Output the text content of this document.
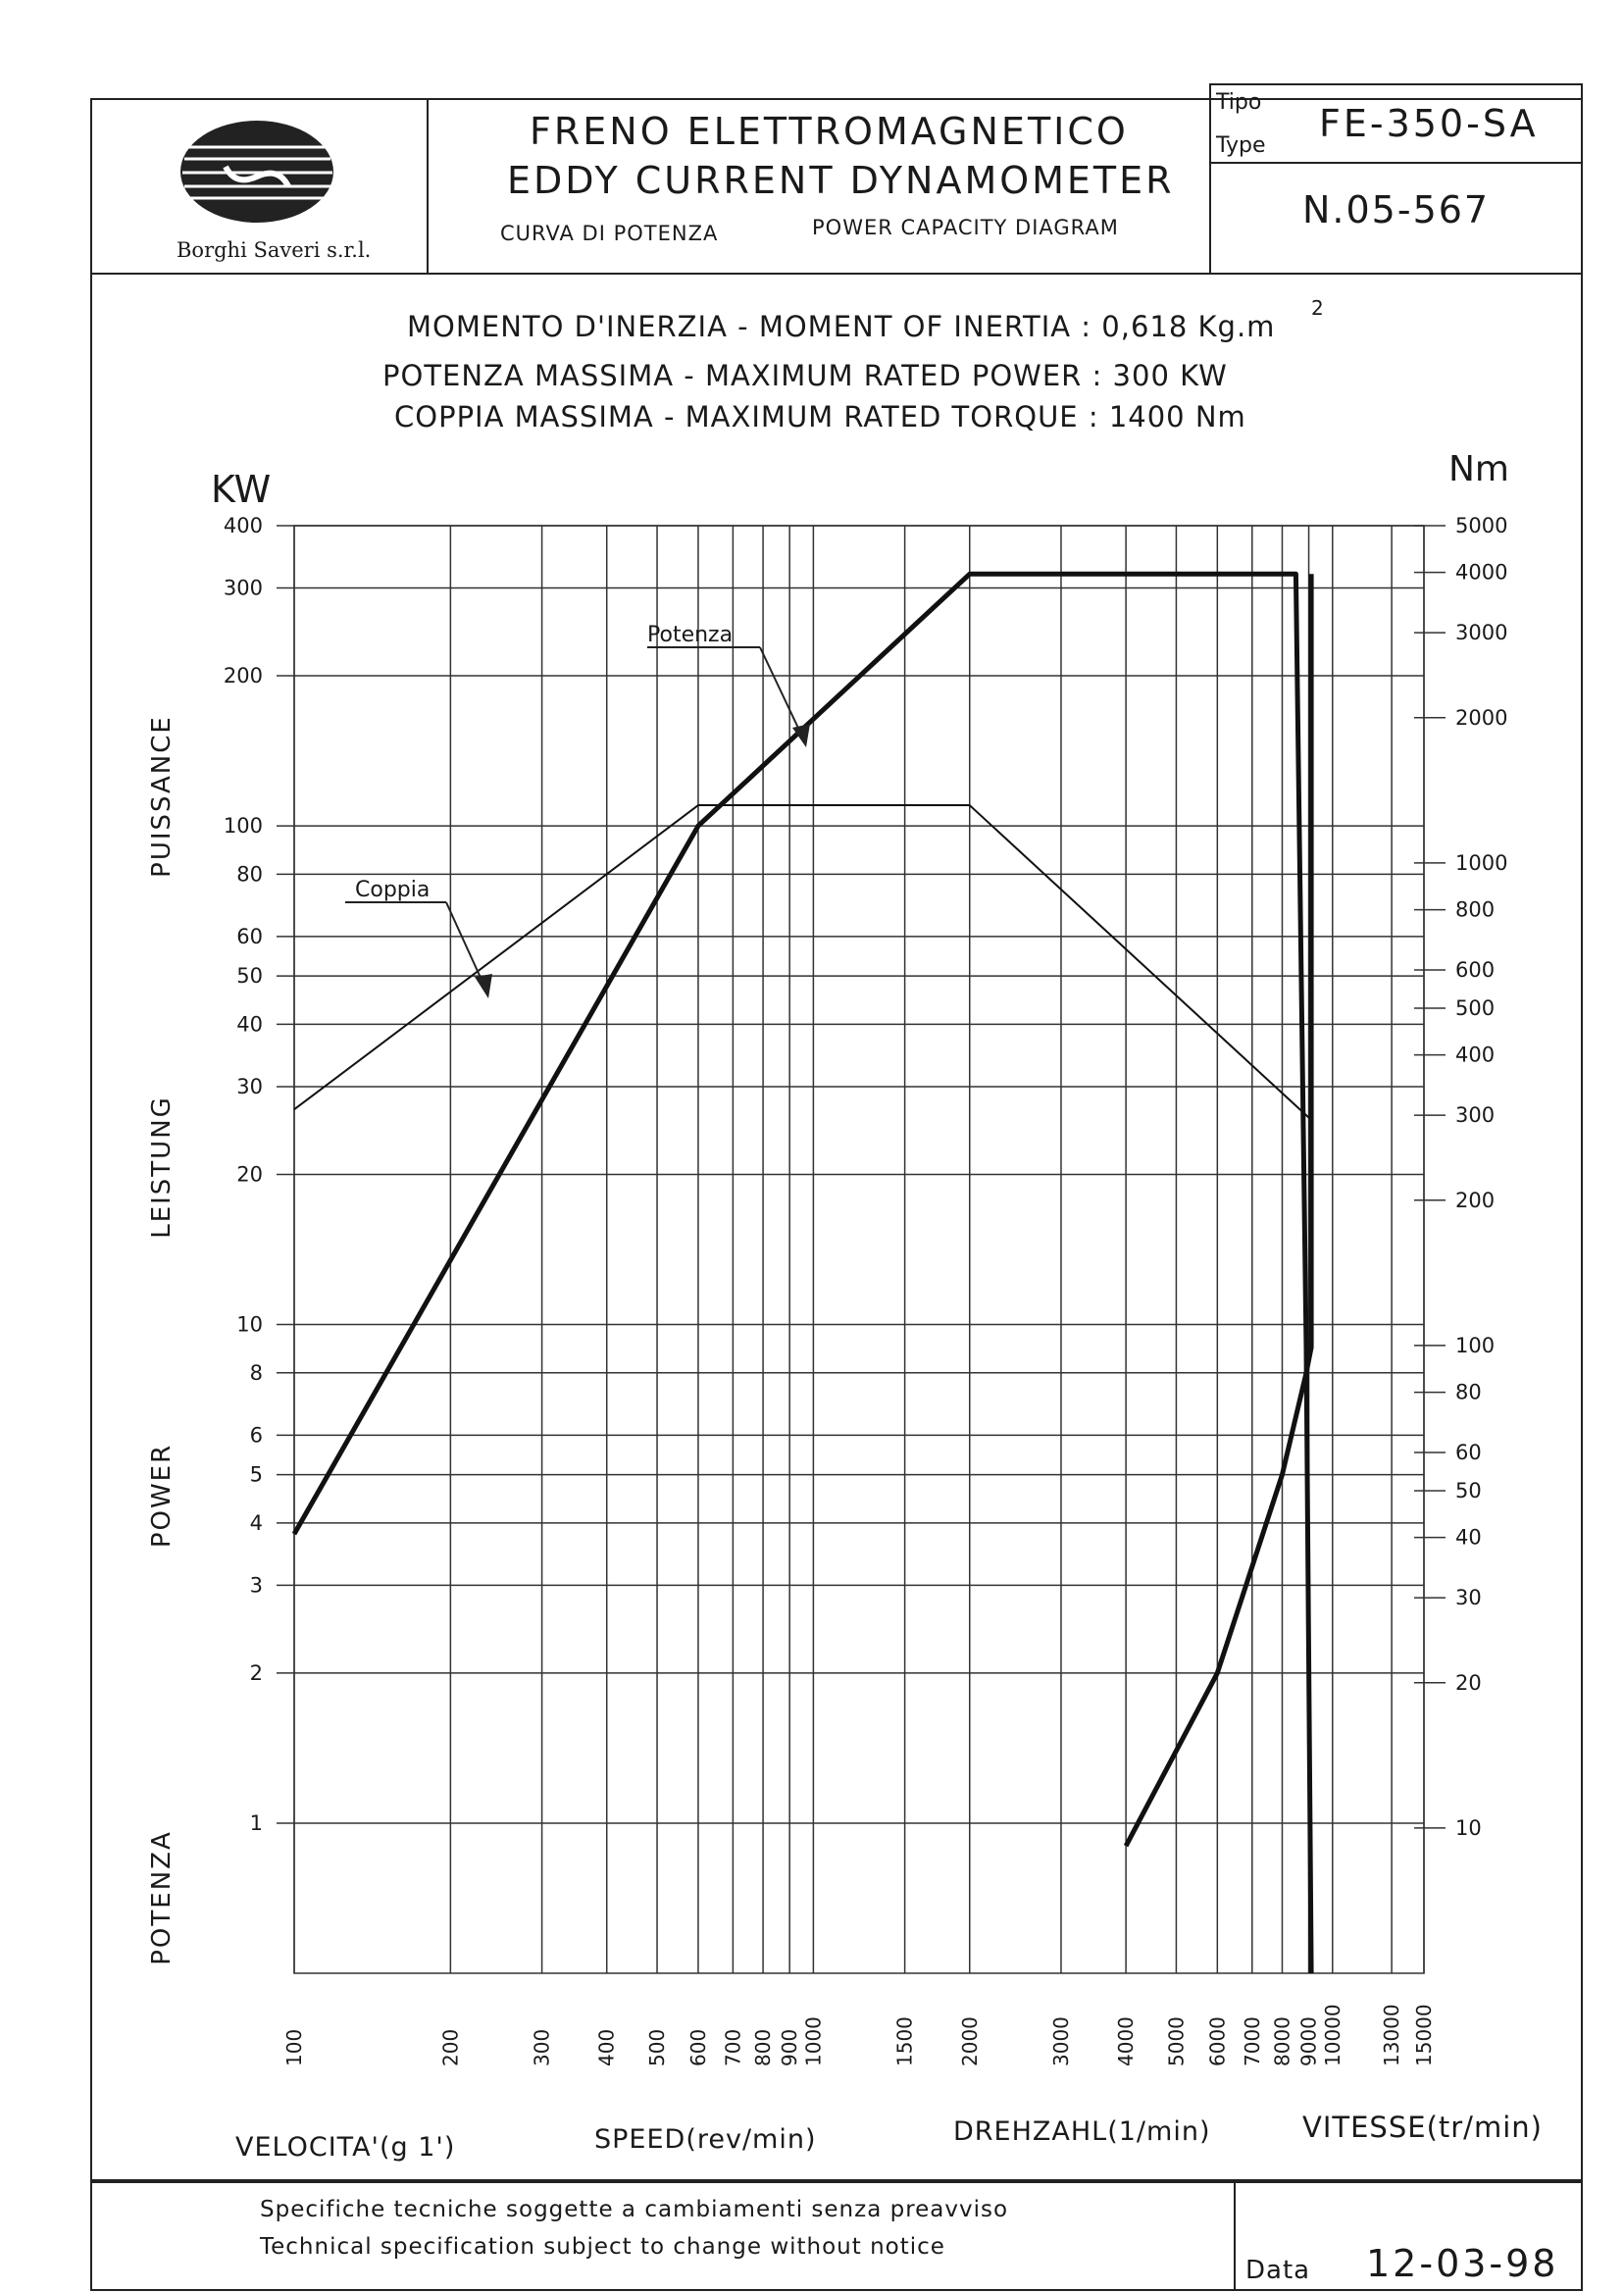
Borghi Saveri s.r.l.
FRENO ELETTROMAGNETICO
EDDY CURRENT DYNAMOMETER
CURVA DI POTENZA	POWER CAPACITY DIAGRAM
Tipo
Type
FE-350-SA
N.05-567
MOMENTO D'INERZIA - MOMENT OF INERTIA : 0,618 Kg.m
2
POTENZA MASSIMA - MAXIMUM RATED POWER : 300 KW
COPPIA MASSIMA - MAXIMUM RATED TORQUE : 1400 Nm
PUISSANCE
LEISTUNG
POWER
POTENZA
100	200	300 400 500 600 700 800 900 1000	1500 2000	3000 4000 5000 6000 7000 8000 9000 10000 13000 15000
1
2
3
4
5
6
8
10
20
30
40
50
60
80
100
200
300
400
10
20
30
40
50
60
80
100
200
300
400
500
600
800
1000
2000
3000
4000
5000
KW	Nm
Potenza
Coppia
VELOCITA'(g 1')	SPEED(rev/min)	DREHZAHL(1/min)	VITESSE(tr/min)
Specifiche tecniche soggette a cambiamenti senza preavviso
Technical specification subject to change without notice
Data 12-03-98
